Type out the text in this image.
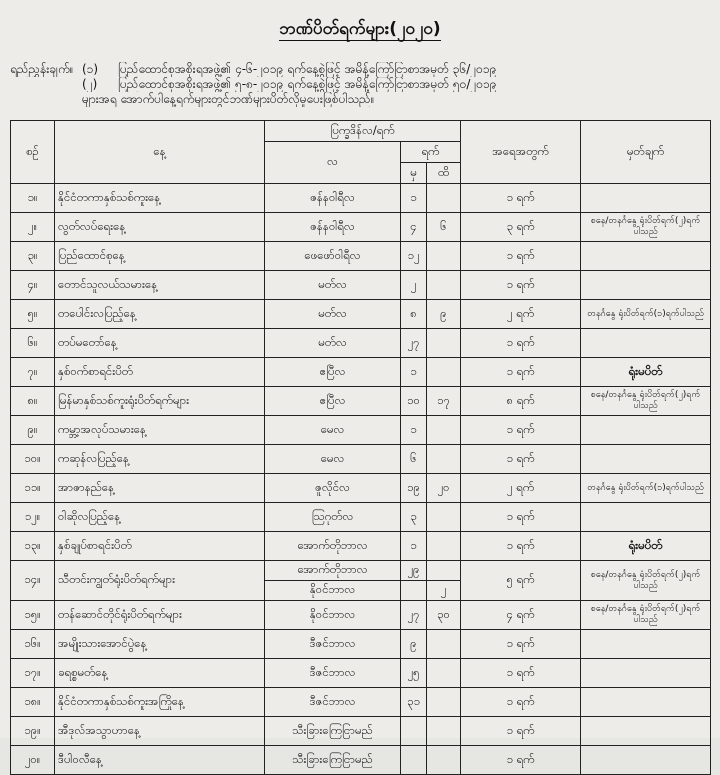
ဘဏ်ပိတ်ရက်များ(၂၀၂၀)
ရည်ညွှန်းချက်။ (၁) ပြည်ထောင်စုအစိုးရအဖွဲ့၏ ၄-၆-၂၀၁၉ ရက်နေ့စွဲဖြင့် အမိန့်ကြော်ငြာစာအမှတ် ၃၆/၂၀၁၉
(၂) ပြည်ထောင်စုအစိုးရအဖွဲ့၏ ၅-၈-၂၀၁၉ ရက်နေ့စွဲဖြင့် အမိန့်ကြော်ငြာစာအမှတ် ၅၀/၂၀၁၉
များအရ အောက်ပါနေ့ရက်များတွင်ဘဏ်များပိတ်လိုမှုပေးဖြစ်ပါသည်။
စဉ်	နေ့	ပြက္ခဒိန်လ/ရက်			အရေအတွက်	မှတ်ချက်
		လ	ရက်			
			မှ	ထိ		
၁။	နိုင်ငံတကာနှစ်သစ်ကူးနေ့	ဇန်နဝါရီလ	၁		၁ ရက်	
၂။	လွတ်လပ်ရေးနေ့	ဇန်နဝါရီလ	၄	၆	၃ ရက်	စနေ/တနင်္ဂနွေ ရုံးပိတ်ရက်(၂)ရက်ပါသည်
၃။	ပြည်ထောင်စုနေ့	ဖေဖော်ဝါရီလ	၁၂		၁ ရက်	
၄။	တောင်သူလယ်သမားနေ့	မတ်လ	၂		၁ ရက်	
၅။	တပေါင်းလပြည့်နေ့	မတ်လ	၈	၉	၂ ရက်	တနင်္ဂနွေ ရုံးပိတ်ရက်(၁)ရက်ပါသည်
၆။	တပ်မတော်နေ့	မတ်လ	၂၇		၁ ရက်	
၇။	နှစ်ဝက်စာရင်းပိတ်	ဧပြီလ	၁		၁ ရက်	ရုံးမပိတ်
၈။	မြန်မာနှစ်သစ်ကူးရုံးပိတ်ရက်များ	ဧပြီလ	၁၀	၁၇	၈ ရက်	စနေ/တနင်္ဂနွေ ရုံးပိတ်ရက်(၂)ရက်ပါသည်
၉။	ကမ္ဘာ့အလုပ်သမားနေ့	မေလ	၁		၁ ရက်	
၁၀။	ကဆုန်လပြည့်နေ့	မေလ	၆		၁ ရက်	
၁၁။	အာဇာနည်နေ့	ဇူလိုင်လ	၁၉	၂၀	၂ ရက်	တနင်္ဂနွေ ရုံးပိတ်ရက်(၁)ရက်ပါသည်
၁၂။	ဝါဆိုလပြည့်နေ့	ဩဂုတ်လ	၃		၁ ရက်	
၁၃။	နှစ်ချုပ်စာရင်းပိတ်	အောက်တိုဘာလ	၁		၁ ရက်	ရုံးမပိတ်
၁၄။	သီတင်းကျွတ်ရုံးပိတ်ရက်များ	အောက်တိုဘာလ	၂၉		၅ ရက်	စနေ/တနင်္ဂနွေ ရုံးပိတ်ရက်(၂)ရက်ပါသည်
		နိုဝင်ဘာလ		၂		
၁၅။	တန်ဆောင်တိုင်ရုံးပိတ်ရက်များ	နိုဝင်ဘာလ	၂၇	၃၀	၄ ရက်	စနေ/တနင်္ဂနွေ ရုံးပိတ်ရက်(၂)ရက်ပါသည်
၁၆။	အမျိုးသားအောင်ပွဲနေ့	ဒီဇင်ဘာလ	၉		၁ ရက်	
၁၇။	ခရစ္စမတ်နေ့	ဒီဇင်ဘာလ	၂၅		၁ ရက်	
၁၈။	နိုင်ငံတကာနှစ်သစ်ကူးအကြိုနေ့	ဒီဇင်ဘာလ	၃၁		၁ ရက်	
၁၉။	အီဒုလ်အသွာဟာနေ့	သီးခြားကြေငြာမည်			၁ ရက်	
၂၀။	ဒီပါဝလီနေ့	သီးခြားကြေငြာမည်			၁ ရက်	
